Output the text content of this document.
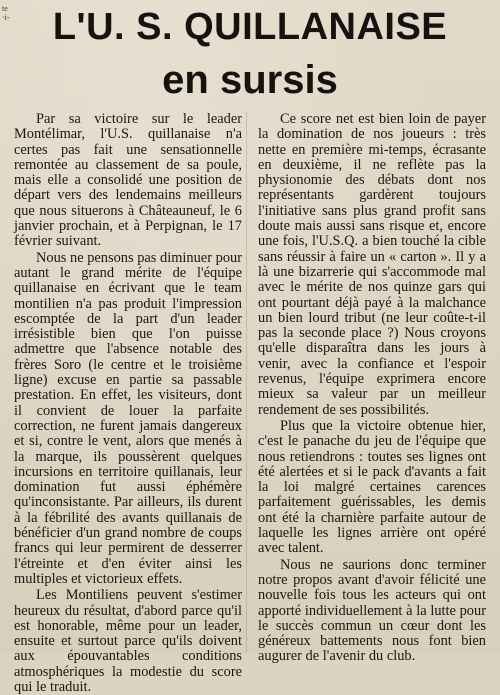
te ·i-	L'U. S. QUILLANAISE
en sursis

Par sa victoire sur le leader Montélimar, l'U.S. quillanaise n'a certes pas fait une sensationnelle remontée au classement de sa poule, mais elle a consolidé une position de départ vers des lendemains meilleurs que nous situerons à Châteauneuf, le 6 janvier prochain, et à Perpignan, le 17 février suivant.

Nous ne pensons pas diminuer pour autant le grand mérite de l'équipe quillanaise en écrivant que le team montilien n'a pas produit l'impression escomptée de la part d'un leader irrésistible bien que l'on puisse admettre que l'absence notable des frères Soro (le centre et le troisième ligne) excuse en partie sa passable prestation. En effet, les visiteurs, dont il convient de louer la parfaite correction, ne furent jamais dangereux et si, contre le vent, alors que menés à la marque, ils poussèrent quelques incursions en territoire quillanais, leur domination fut aussi éphémère qu'inconsistante. Par ailleurs, ils durent à la fébrilité des avants quillanais de bénéficier d'un grand nombre de coups francs qui leur permirent de desserrer l'étreinte et d'en éviter ainsi les multiples et victorieux effets.

Les Montiliens peuvent s'estimer heureux du résultat, d'abord parce qu'il est honorable, même pour un leader, ensuite et surtout parce qu'ils doivent aux épouvantables conditions atmosphériques la modestie du score qui le traduit.

Ce score net est bien loin de payer la domination de nos joueurs : très nette en première mi-temps, écrasante en deuxième, il ne reflète pas la physionomie des débats dont nos représentants gardèrent toujours l'initiative sans plus grand profit sans doute mais aussi sans risque et, encore une fois, l'U.S.Q. a bien touché la cible sans réussir à faire un « carton ». Il y a là une bizarrerie qui s'accommode mal avec le mérite de nos quinze gars qui ont pourtant déjà payé à la malchance un bien lourd tribut (ne leur coûte-t-il pas la seconde place ?) Nous croyons qu'elle disparaîtra dans les jours à venir, avec la confiance et l'espoir revenus, l'équipe exprimera encore mieux sa valeur par un meilleur rendement de ses possibilités.

Plus que la victoire obtenue hier, c'est le panache du jeu de l'équipe que nous retiendrons : toutes ses lignes ont été alertées et si le pack d'avants a fait la loi malgré certaines carences parfaitement guérissables, les demis ont été la charnière parfaite autour de laquelle les lignes arrière ont opéré avec talent.

Nous ne saurions donc terminer notre propos avant d'avoir félicité une nouvelle fois tous les acteurs qui ont apporté individuellement à la lutte pour le succès commun un cœur dont les généreux battements nous font bien augurer de l'avenir du club.
